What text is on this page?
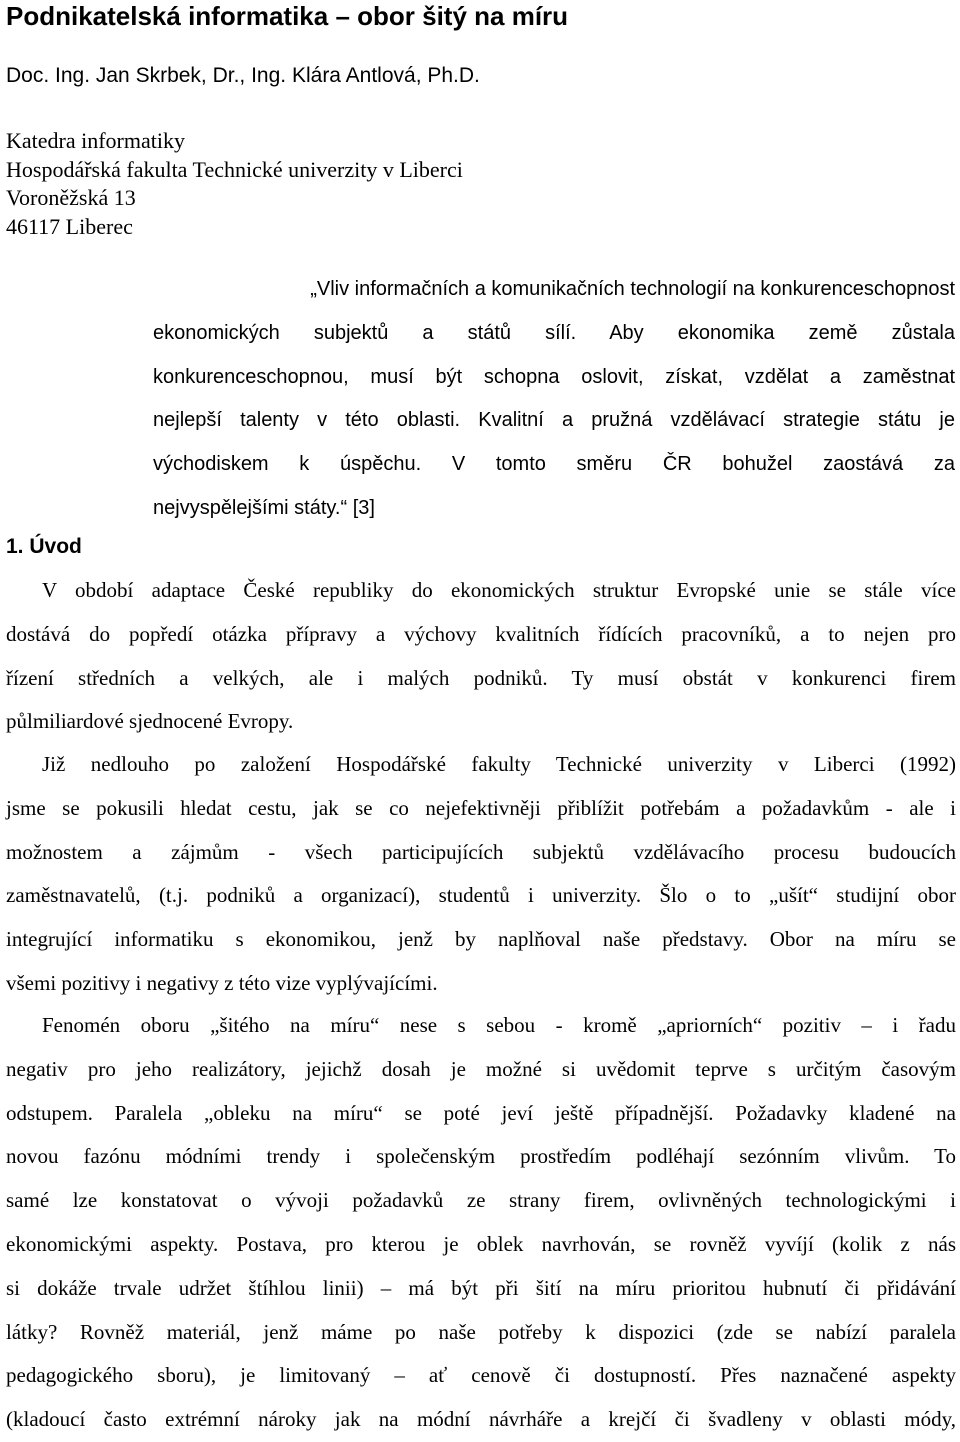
Podnikatelská informatika – obor šitý na míru
Doc. Ing. Jan Skrbek, Dr., Ing. Klára Antlová, Ph.D.
Katedra informatiky
Hospodářská fakulta Technické univerzity v Liberci
Voroněžská 13
46117 Liberec
„Vliv informačních a komunikačních technologií na konkurenceschopnost
ekonomických subjektů a států sílí. Aby ekonomika země zůstala
konkurenceschopnou, musí být schopna oslovit, získat, vzdělat a zaměstnat
nejlepší talenty v této oblasti. Kvalitní a pružná vzdělávací strategie státu je
východiskem k úspěchu. V tomto směru ČR bohužel zaostává za
nejvyspělejšími státy.“ [3]
1. Úvod
V období adaptace České republiky do ekonomických struktur Evropské unie se stále více
dostává do popředí otázka přípravy a výchovy kvalitních řídících pracovníků, a to nejen pro
řízení středních a velkých, ale i malých podniků. Ty musí obstát v konkurenci firem
půlmiliardové sjednocené Evropy.
Již nedlouho po založení Hospodářské fakulty Technické univerzity v Liberci (1992)
jsme se pokusili hledat cestu, jak se co nejefektivněji přiblížit potřebám a požadavkům - ale i
možnostem a zájmům - všech participujících subjektů vzdělávacího procesu budoucích
zaměstnavatelů, (t.j. podniků a organizací), studentů i univerzity. Šlo o to „ušít“ studijní obor
integrující informatiku s ekonomikou, jenž by naplňoval naše představy. Obor na míru se
všemi pozitivy i negativy z této vize vyplývajícími.
Fenomén oboru „šitého na míru“ nese s sebou - kromě „apriorních“ pozitiv – i řadu
negativ pro jeho realizátory, jejichž dosah je možné si uvědomit teprve s určitým časovým
odstupem. Paralela „obleku na míru“ se poté jeví ještě případnější. Požadavky kladené na
novou fazónu módními trendy i společenským prostředím podléhají sezónním vlivům. To
samé lze konstatovat o vývoji požadavků ze strany firem, ovlivněných technologickými i
ekonomickými aspekty. Postava, pro kterou je oblek navrhován, se rovněž vyvíjí (kolik z nás
si dokáže trvale udržet štíhlou linii) – má být při šití na míru prioritou hubnutí či přidávání
látky? Rovněž materiál, jenž máme po naše potřeby k dispozici (zde se nabízí paralela
pedagogického sboru), je limitovaný – ať cenově či dostupností. Přes naznačené aspekty
(kladoucí často extrémní nároky jak na módní návrháře a krejčí či švadleny v oblasti módy,
